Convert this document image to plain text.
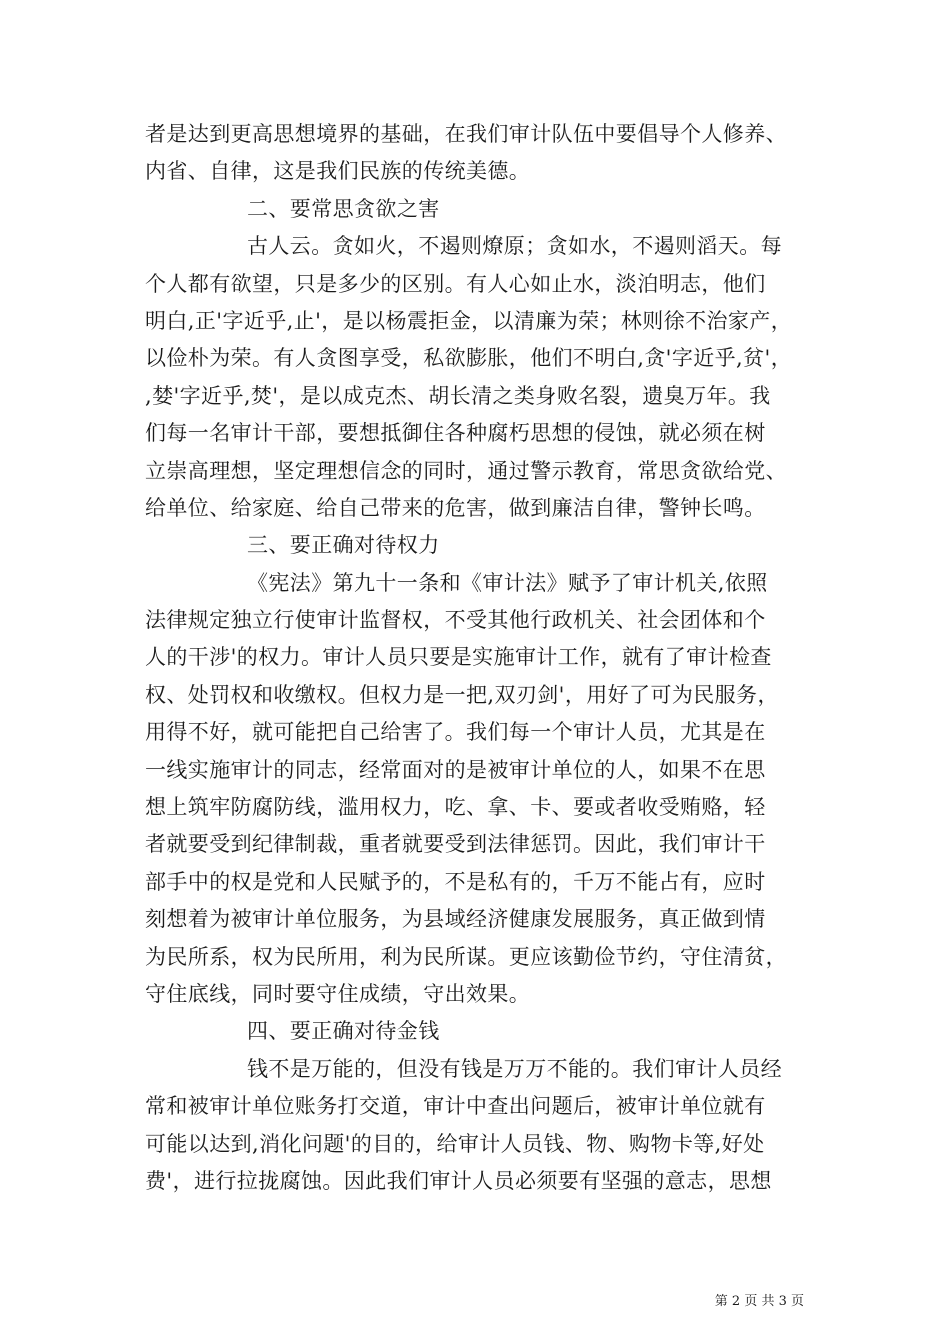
者是达到更高思想境界的基础，在我们审计队伍中要倡导个人修养、
内省、自律，这是我们民族的传统美德。
二、要常思贪欲之害
古人云。贪如火，不遏则燎原；贪如水，不遏则滔天。每
个人都有欲望，只是多少的区别。有人心如止水，淡泊明志，他们
明白,正'字近乎,止'，是以杨震拒金，以清廉为荣；林则徐不治家产，
以俭朴为荣。有人贪图享受，私欲膨胀，他们不明白,贪'字近乎,贫'，
,婪'字近乎,焚'，是以成克杰、胡长清之类身败名裂，遗臭万年。我
们每一名审计干部，要想抵御住各种腐朽思想的侵蚀，就必须在树
立崇高理想，坚定理想信念的同时，通过警示教育，常思贪欲给党、
给单位、给家庭、给自己带来的危害，做到廉洁自律，警钟长鸣。
三、要正确对待权力
《宪法》第九十一条和《审计法》赋予了审计机关,依照
法律规定独立行使审计监督权，不受其他行政机关、社会团体和个
人的干涉'的权力。审计人员只要是实施审计工作，就有了审计检查
权、处罚权和收缴权。但权力是一把,双刃剑'，用好了可为民服务，
用得不好，就可能把自己给害了。我们每一个审计人员，尤其是在
一线实施审计的同志，经常面对的是被审计单位的人，如果不在思
想上筑牢防腐防线，滥用权力，吃、拿、卡、要或者收受贿赂，轻
者就要受到纪律制裁，重者就要受到法律惩罚。因此，我们审计干
部手中的权是党和人民赋予的，不是私有的，千万不能占有，应时
刻想着为被审计单位服务，为县域经济健康发展服务，真正做到情
为民所系，权为民所用，利为民所谋。更应该勤俭节约，守住清贫，
守住底线，同时要守住成绩，守出效果。
四、要正确对待金钱
钱不是万能的，但没有钱是万万不能的。我们审计人员经
常和被审计单位账务打交道，审计中查出问题后，被审计单位就有
可能以达到,消化问题'的目的，给审计人员钱、物、购物卡等,好处
费'，进行拉拢腐蚀。因此我们审计人员必须要有坚强的意志，思想
第 2 页 共 3 页
